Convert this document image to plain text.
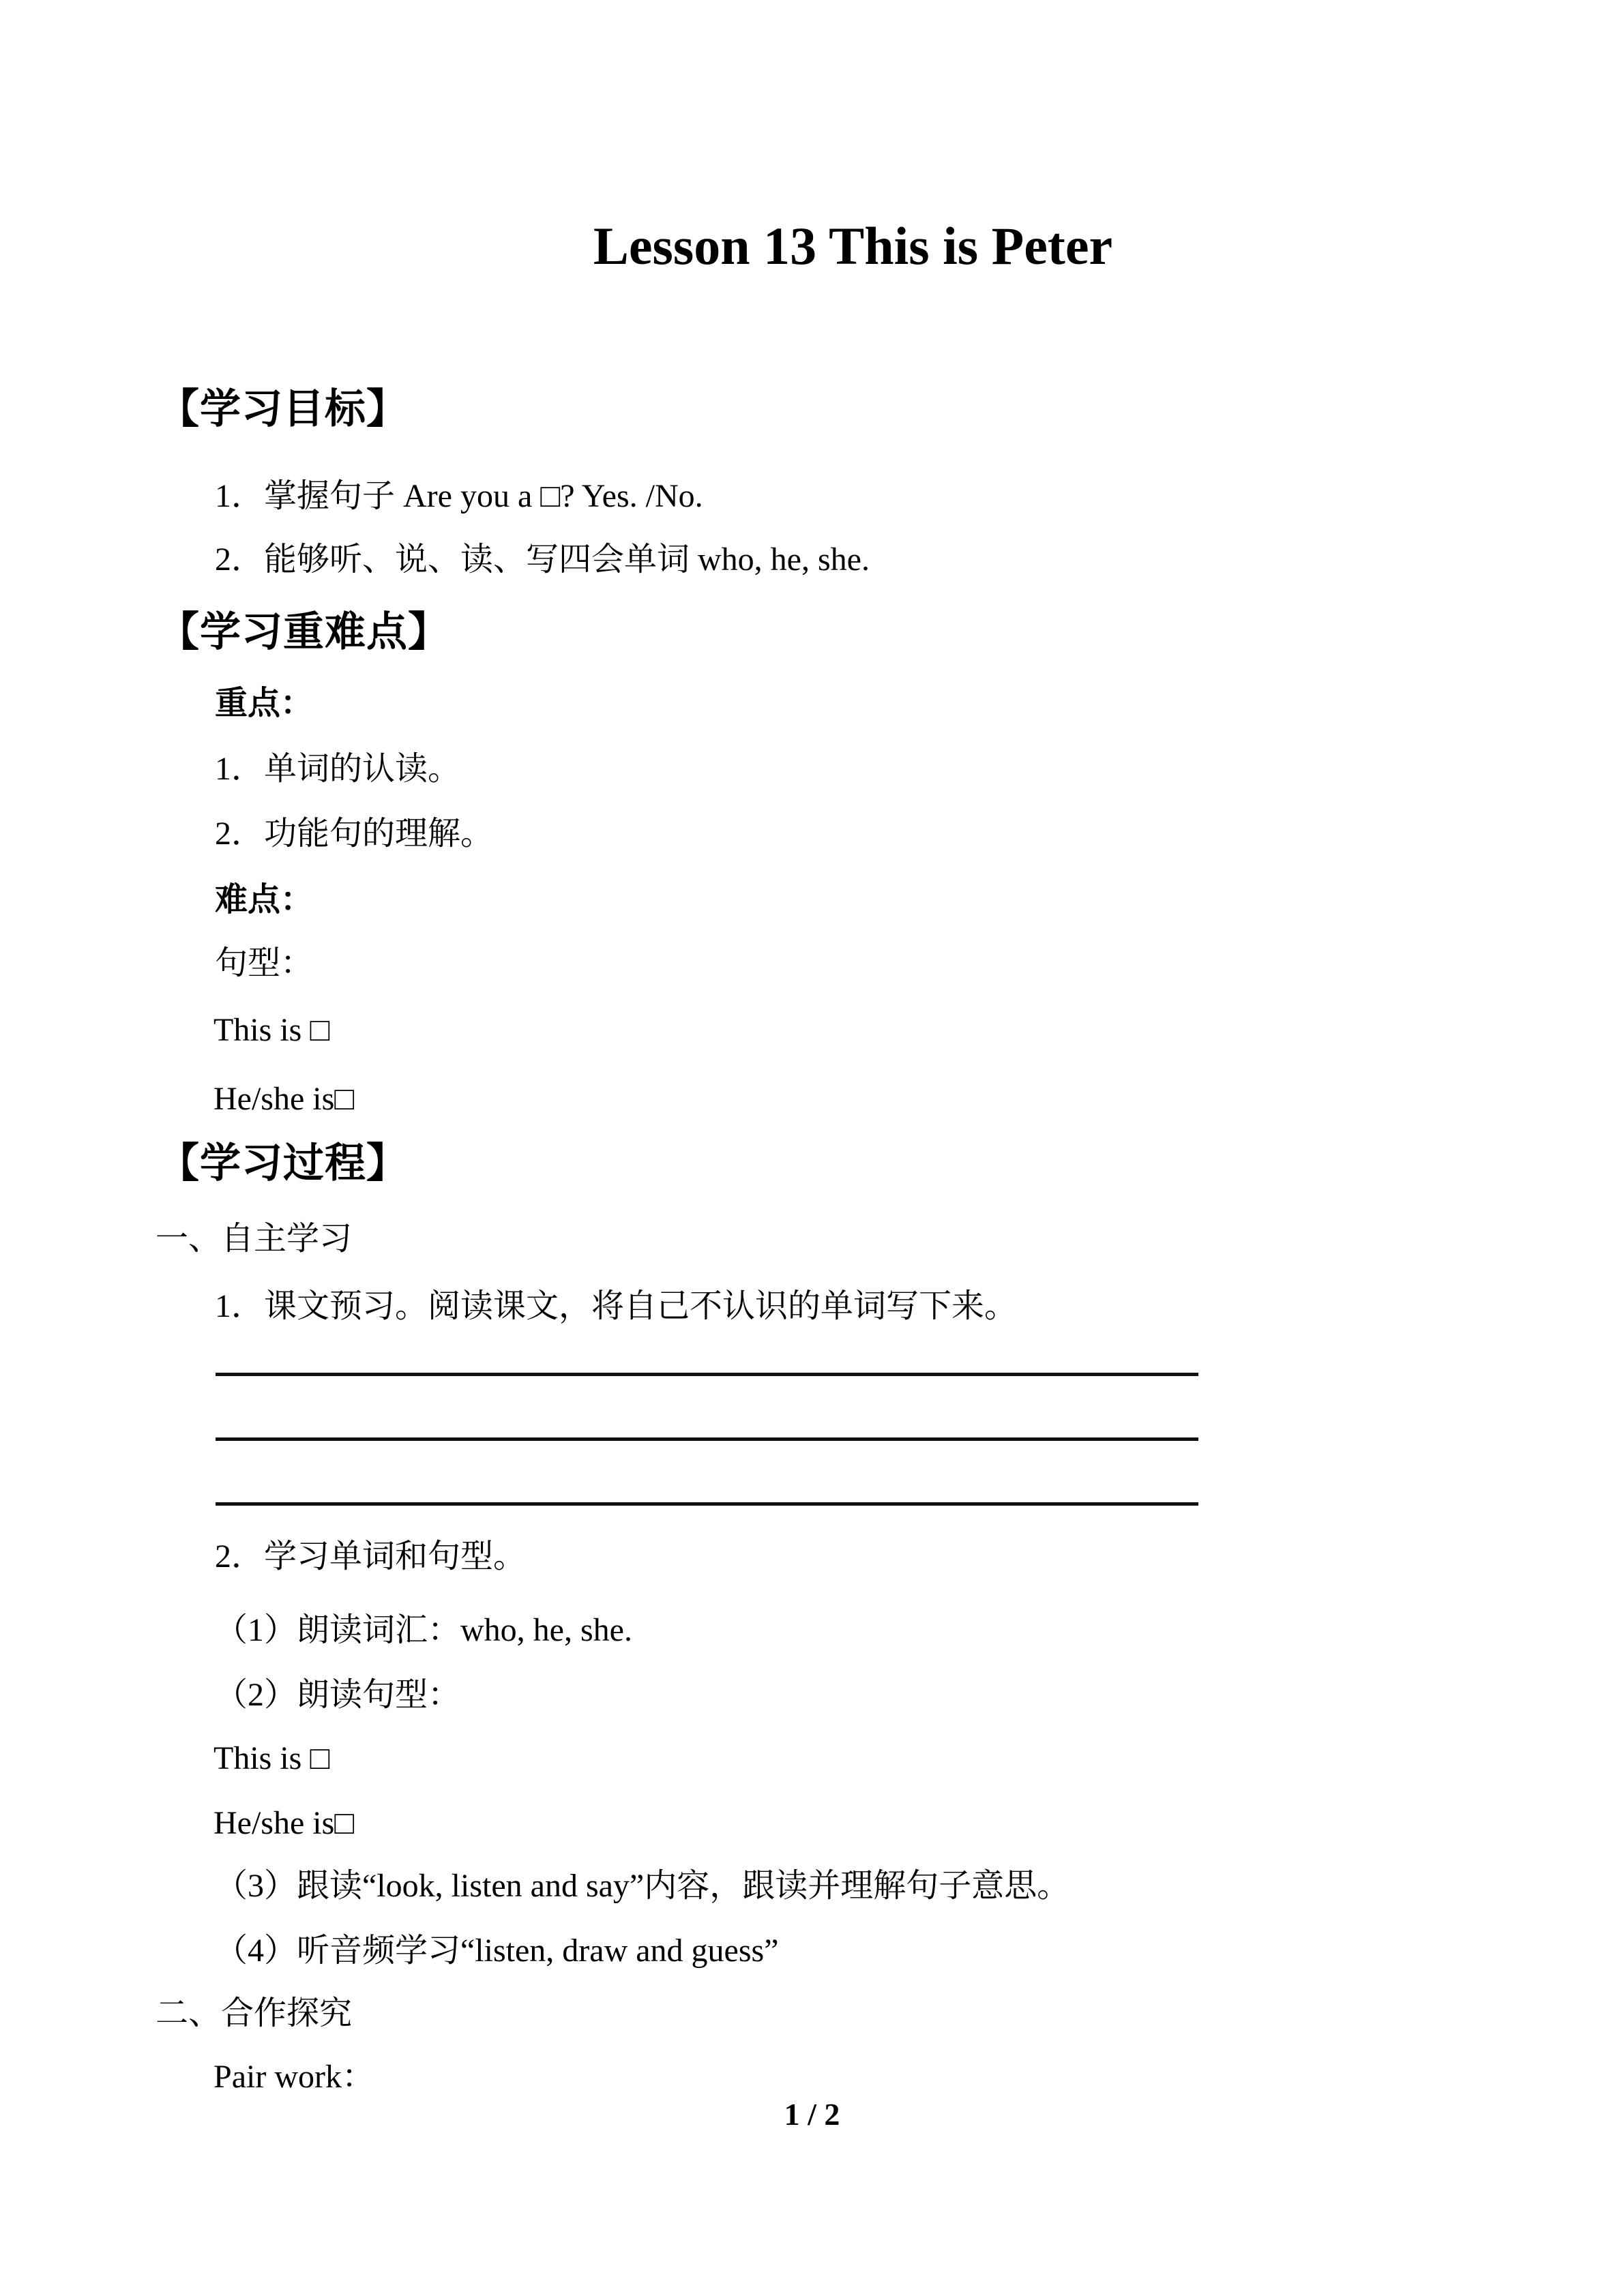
Lesson 13 This is Peter
【学习目标】
1．掌握句子 Are you a □? Yes. /No.
2．能够听、说、读、写四会单词 who, he, she.
【学习重难点】
重点：
1．单词的认读。
2．功能句的理解。
难点：
句型：
This is □
He/she is□
【学习过程】
一、自主学习
1．课文预习。阅读课文，将自己不认识的单词写下来。
2．学习单词和句型。
（1）朗读词汇：who, he, she.
（2）朗读句型：
This is □
He/she is□
（3）跟读“look, listen and say”内容，跟读并理解句子意思。
（4）听音频学习“listen, draw and guess”
二、合作探究
Pair work：
1 / 2
